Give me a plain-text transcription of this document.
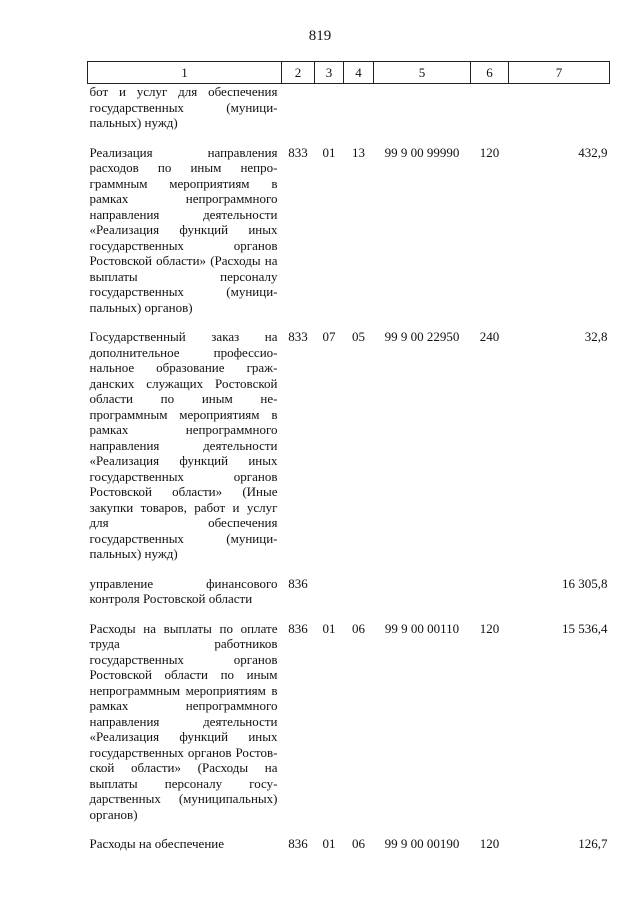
819
1	2	3	4	5	6	7
бот и услуг для обеспечения государственных (муниципальных) нужд)						
Реализация направления расходов по иным непрограммным мероприятиям в рамках непрограммного направления деятельности «Реализация функций иных государственных органов Ростовской области» (Расходы на выплаты персоналу государственных (муниципальных) органов)	833	01	13	99 9 00 99990	120	432,9
Государственный заказ на дополнительное профессиональное образование гражданских служащих Ростовской области по иным непрограммным мероприятиям в рамках непрограммного направления деятельности «Реализация функций иных государственных органов Ростовской области» (Иные закупки товаров, работ и услуг для обеспечения государственных (муниципальных) нужд)	833	07	05	99 9 00 22950	240	32,8
управление финансового контроля Ростовской области	836					16 305,8
Расходы на выплаты по оплате труда работников государственных органов Ростовской области по иным непрограммным мероприятиям в рамках непрограммного направления деятельности «Реализация функций иных государственных органов Ростовской области» (Расходы на выплаты персоналу государственных (муниципальных) органов)	836	01	06	99 9 00 00110	120	15 536,4
Расходы на обеспечение	836	01	06	99 9 00 00190	120	126,7
